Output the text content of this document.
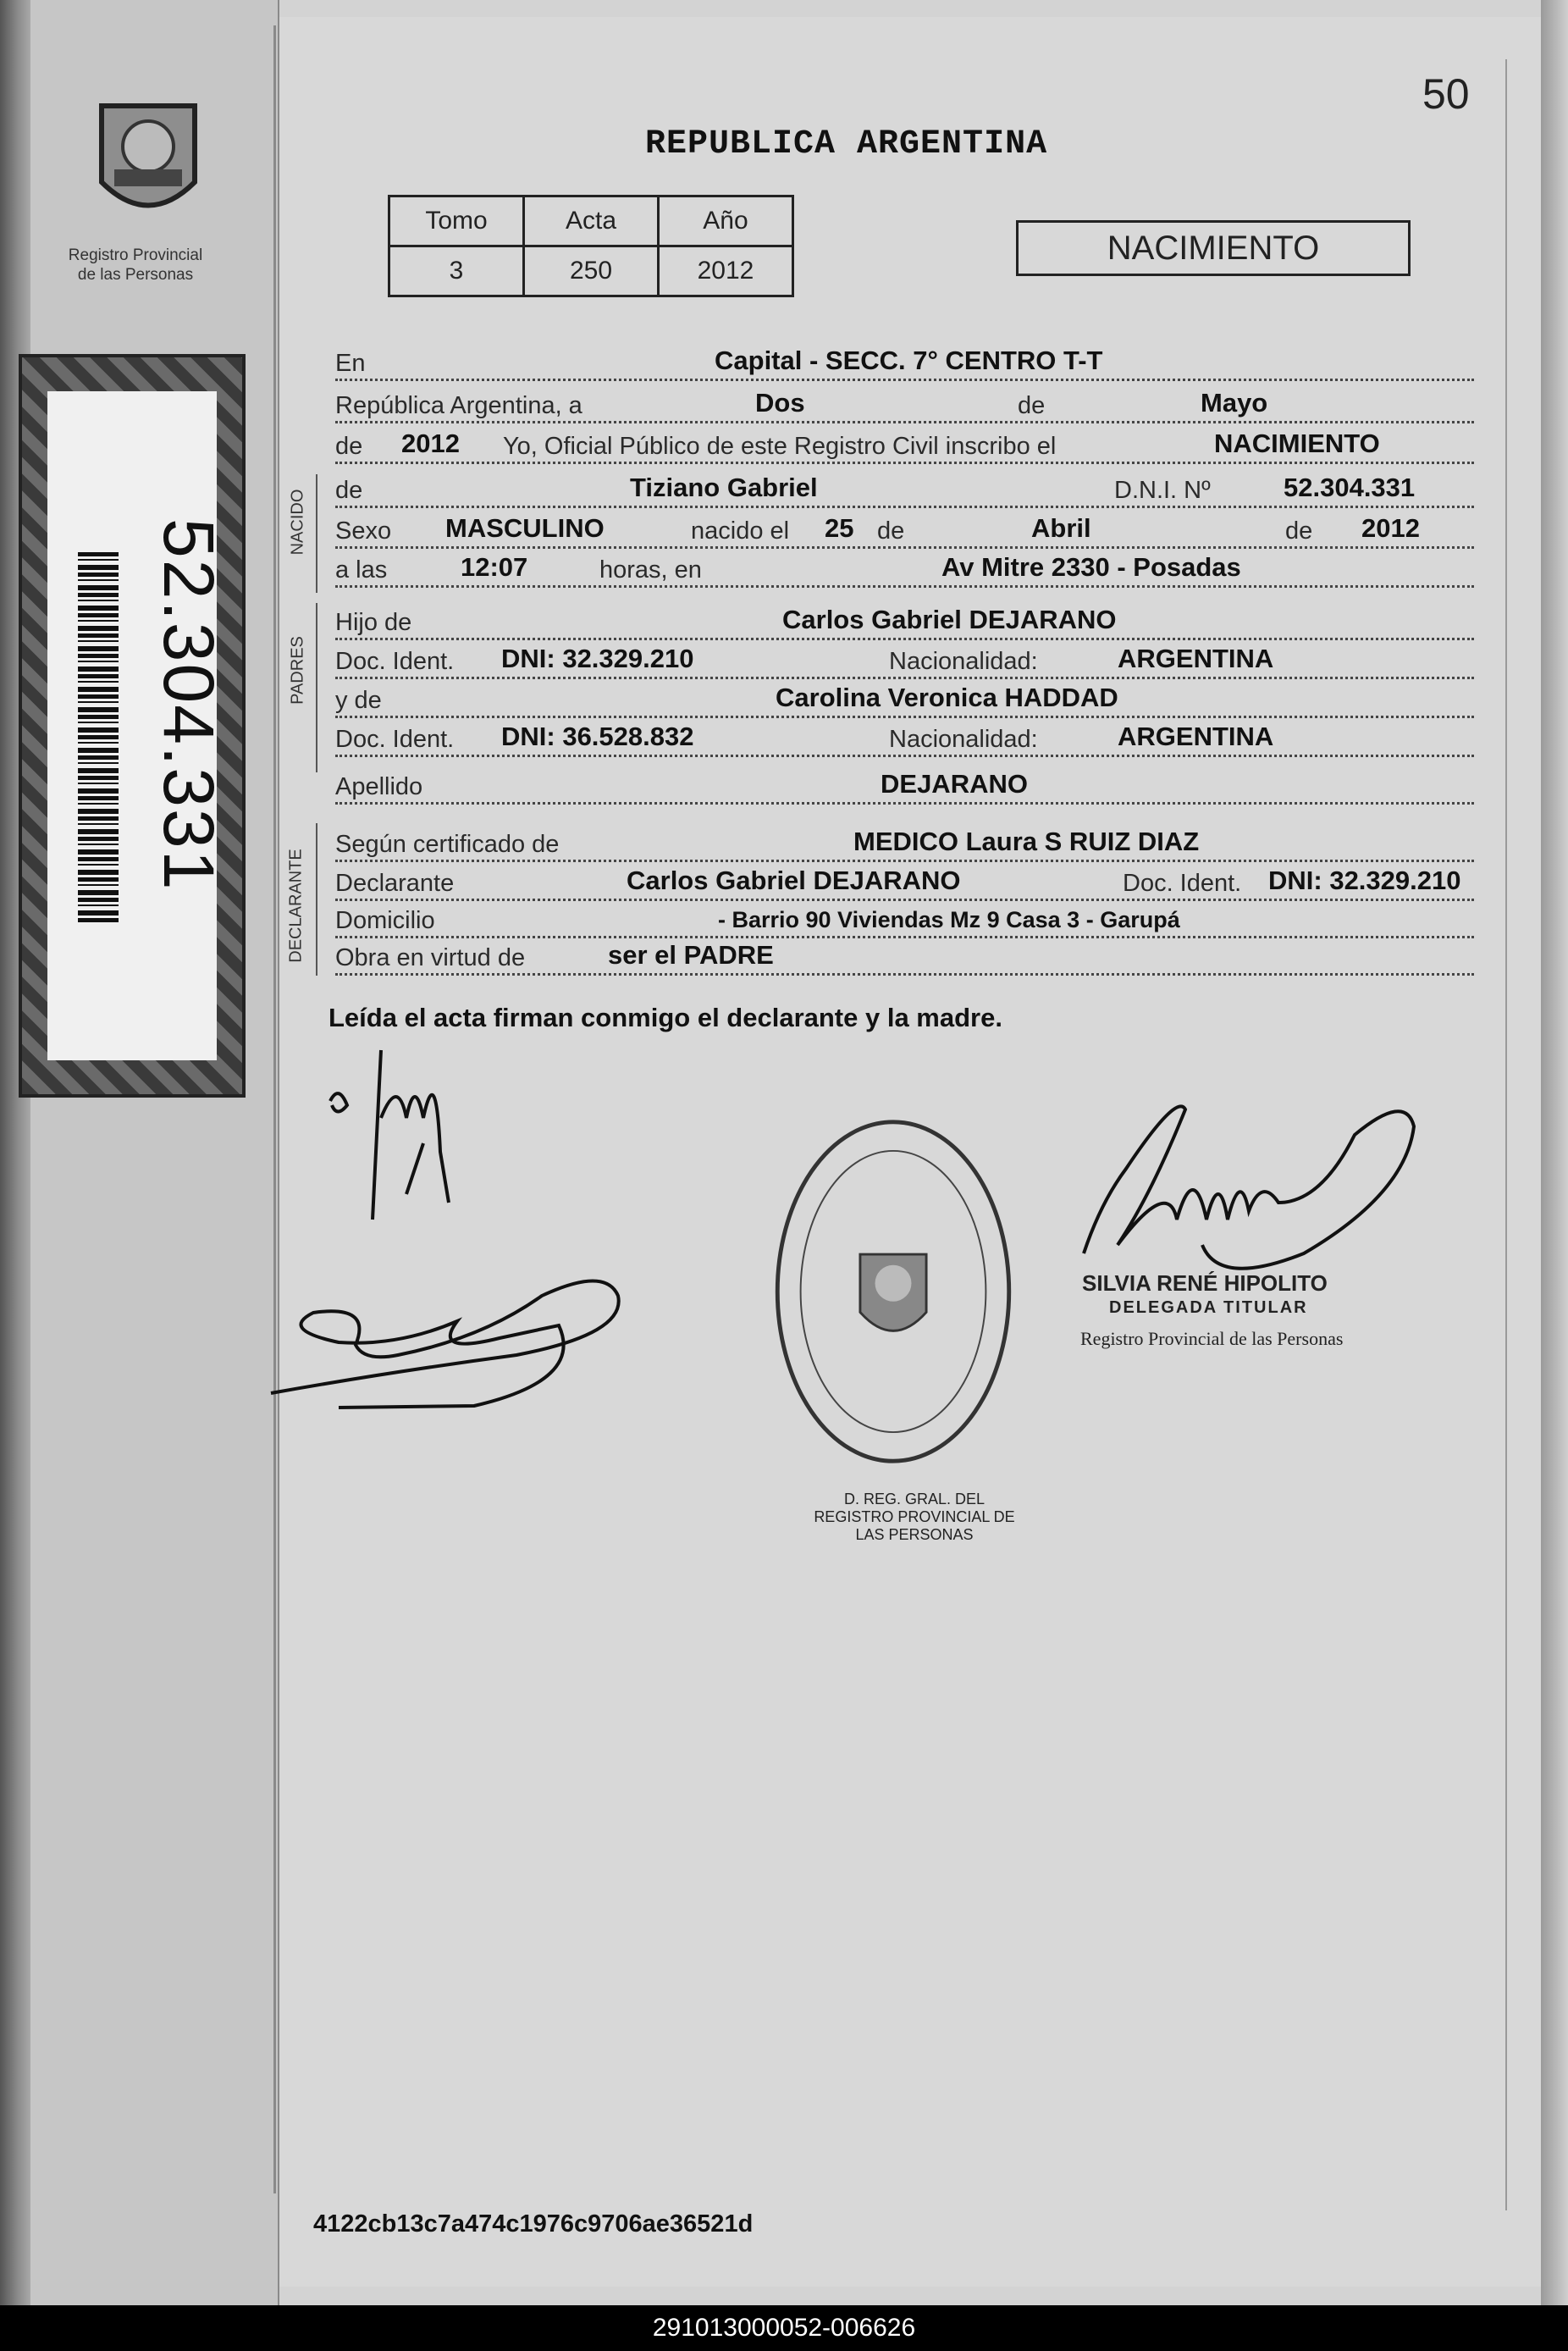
Registro Provincial
de las Personas
52.304.331
50
REPUBLICA ARGENTINA
Tomo	Acta	Año
3	250	2012
NACIMIENTO
En	Capital - SECC. 7° CENTRO T-T
República Argentina, a	Dos	de	Mayo
de 2012 Yo, Oficial Público de este Registro Civil inscribo el	NACIMIENTO
NACIDO de	Tiziano Gabriel	D.N.I. Nº	52.304.331
Sexo MASCULINO	nacido el 25 de	Abril	de 2012
a las	12:07	horas, en	Av Mitre 2330 - Posadas
PADRES
Hijo de	Carlos Gabriel DEJARANO
Doc. Ident. DNI: 32.329.210	Nacionalidad:	ARGENTINA
y de	Carolina Veronica HADDAD
Doc. Ident. DNI: 36.528.832	Nacionalidad:	ARGENTINA
Apellido	DEJARANO
DECLARANTE
Según certificado de	MEDICO Laura S RUIZ DIAZ
Declarante	Carlos Gabriel DEJARANO	Doc. Ident. DNI: 32.329.210
Domicilio	- Barrio 90 Viviendas Mz 9 Casa 3 - Garupá
Obra en virtud de	ser el PADRE
Leída el acta firman conmigo el declarante y la madre.
D. REG. GRAL. DEL REGISTRO PROVINCIAL DE LAS PERSONAS
SILVIA RENÉ HIPOLITO
DELEGADA TITULAR
Registro Provincial de las Personas
4122cb13c7a474c1976c9706ae36521d
291013000052-006626
